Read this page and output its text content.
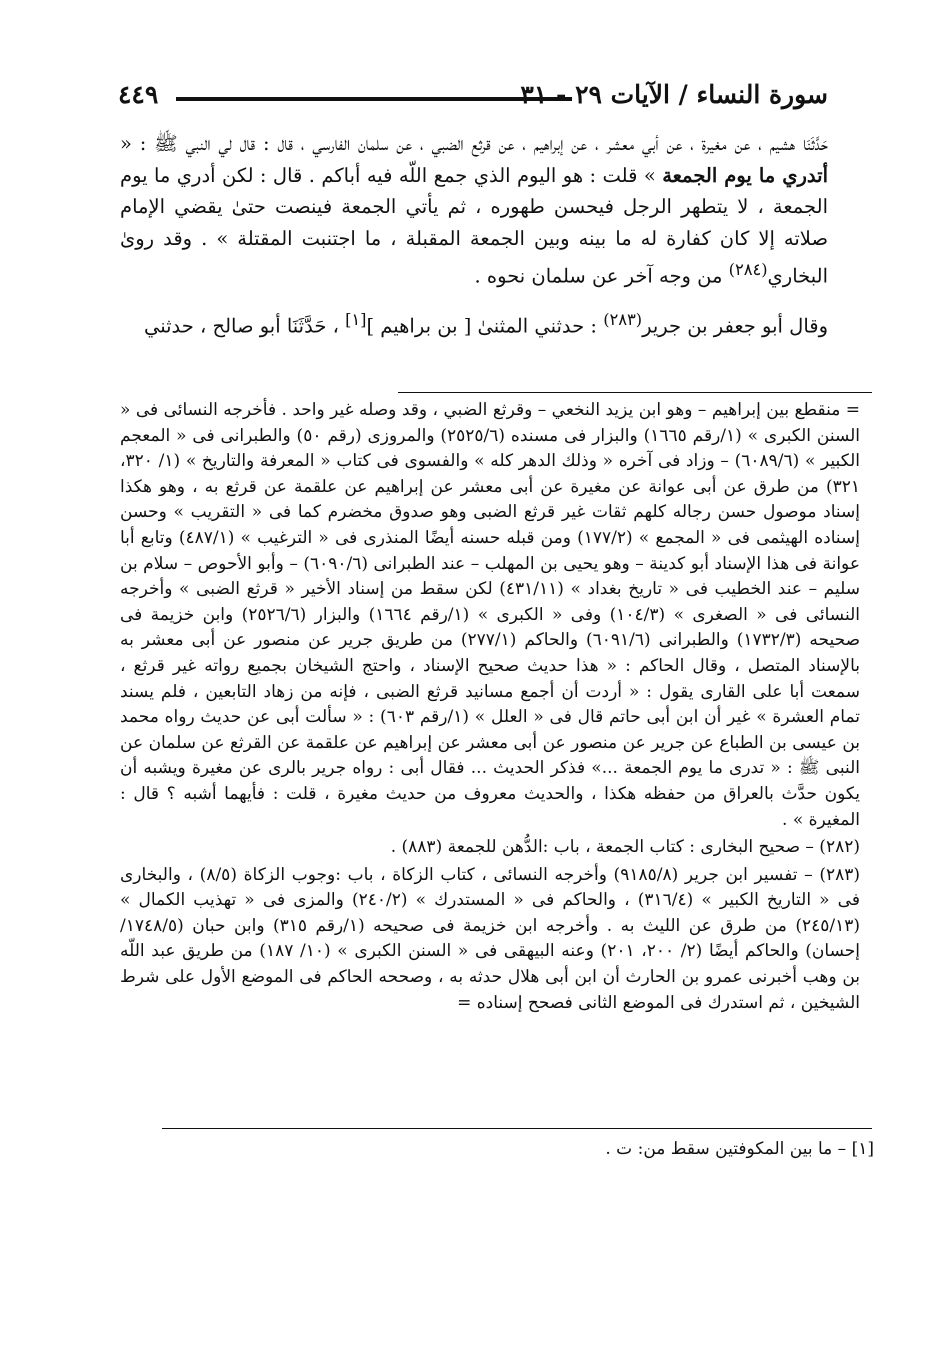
سورة النساء / الآيات ٢٩ - ٣١
٤٤٩

حَدَّثَنَا هشيم ، عن مغيرة ، عن أبي معشر ، عن إبراهيم ، عن قرثع الضبي ، عن سلمان الفارسي ، قال : قال لي النبي ﷺ : « أتدري ما يوم الجمعة » قلت : هو اليوم الذي جمع اللّه فيه أباكم . قال : لكن أدري ما يوم الجمعة ، لا يتطهر الرجل فيحسن طهوره ، ثم يأتي الجمعة فينصت حتىٰ يقضي الإمام صلاته إلا كان كفارة له ما بينه وبين الجمعة المقبلة ، ما اجتنبت المقتلة » . وقد رویٰ البخاري$^{(٢٨٤)}$ من وجه آخر عن سلمان نحوه .

وقال أبو جعفر بن جرير$^{(٢٨٣)}$ : حدثني المثنیٰ [ بن براهيم ][١] ، حَدَّثَنَا أبو صالح ، حدثني

= منقطع بين إبراهيم – وهو ابن يزيد النخعي – وقرثع الضبي ، وقد وصله غير واحد . فأخرجه النسائى فى « السنن الكبرى » (١/رقم ١٦٦٥) والبزار فى مسنده (٢٥٢٥/٦) والمروزى (رقم ٥٠) والطبرانى فى « المعجم الكبير » (٦٠٨٩/٦) – وزاد فى آخره « وذلك الدهر كله » والفسوى فى كتاب « المعرفة والتاريخ » (١/ ٣٢٠، ٣٢١) من طرق عن أبى عوانة عن مغيرة عن أبى معشر عن إبراهيم عن علقمة عن قرثع به ، وهو هكذا إسناد موصول حسن رجاله كلهم ثقات غير قرثع الضبى وهو صدوق مخضرم كما فى « التقريب » وحسن إسناده الهيثمى فى « المجمع » (١٧٧/٢) ومن قبله حسنه أيضًا المنذرى فى « الترغيب » (٤٨٧/١) وتابع أبا عوانة فى هذا الإسناد أبو كدينة – وهو يحيى بن المهلب – عند الطبرانى (٦٠٩٠/٦) – وأبو الأحوص – سلام بن سليم – عند الخطيب فى « تاريخ بغداد » (٤٣١/١١) لكن سقط من إسناد الأخير « قرثع الضبى » وأخرجه النسائى فى « الصغرى » (١٠٤/٣) وفى « الكبرى » (١/رقم ١٦٦٤) والبزار (٢٥٢٦/٦) وابن خزيمة فى صحيحه (١٧٣٢/٣) والطبرانى (٦٠٩١/٦) والحاكم (٢٧٧/١) من طريق جرير عن منصور عن أبى معشر به بالإسناد المتصل ، وقال الحاكم : « هذا حديث صحيح الإسناد ، واحتج الشيخان بجميع رواته غير قرثع ، سمعت أبا على القارى يقول : « أردت أن أجمع مسانيد قرثع الضبى ، فإنه من زهاد التابعين ، فلم يسند تمام العشرة » غير أن ابن أبى حاتم قال فى « العلل » (١/رقم ٦٠٣) : « سألت أبى عن حديث رواه محمد بن عيسى بن الطباع عن جرير عن منصور عن أبى معشر عن إبراهيم عن علقمة عن القرثع عن سلمان عن النبى ﷺ : « تدرى ما يوم الجمعة ...» فذكر الحديث ... فقال أبى : رواه جرير بالرى عن مغيرة ويشبه أن يكون حدَّث بالعراق من حفظه هكذا ، والحديث معروف من حديث مغيرة ، قلت : فأيهما أشبه ؟ قال : المغيرة » .

(٢٨٢) – صحيح البخارى : كتاب الجمعة ، باب :الدُّهن للجمعة (٨٨٣) .

(٢٨٣) – تفسير ابن جرير (٩١٨٥/٨) وأخرجه النسائى ، كتاب الزكاة ، باب :وجوب الزكاة (٨/٥) ، والبخارى فى « التاريخ الكبير » (٣١٦/٤) ، والحاكم فى « المستدرك » (٢٤٠/٢) والمزى فى « تهذيب الكمال » (٢٤٥/١٣) من طرق عن الليث به . وأخرجه ابن خزيمة فى صحيحه (١/رقم ٣١٥) وابن حبان (١٧٤٨/٥/ إحسان) والحاكم أيضًا (٢/ ٢٠٠، ٢٠١) وعنه البيهقى فى « السنن الكبرى » (١٠/ ١٨٧) من طريق عبد اللّه بن وهب أخبرنى عمرو بن الحارث أن ابن أبى هلال حدثه به ، وصححه الحاكم فى الموضع الأول على شرط الشيخين ، ثم استدرك فى الموضع الثانى فصحح إسناده =

[١] – ما بين المكوفتين سقط من: ت .
